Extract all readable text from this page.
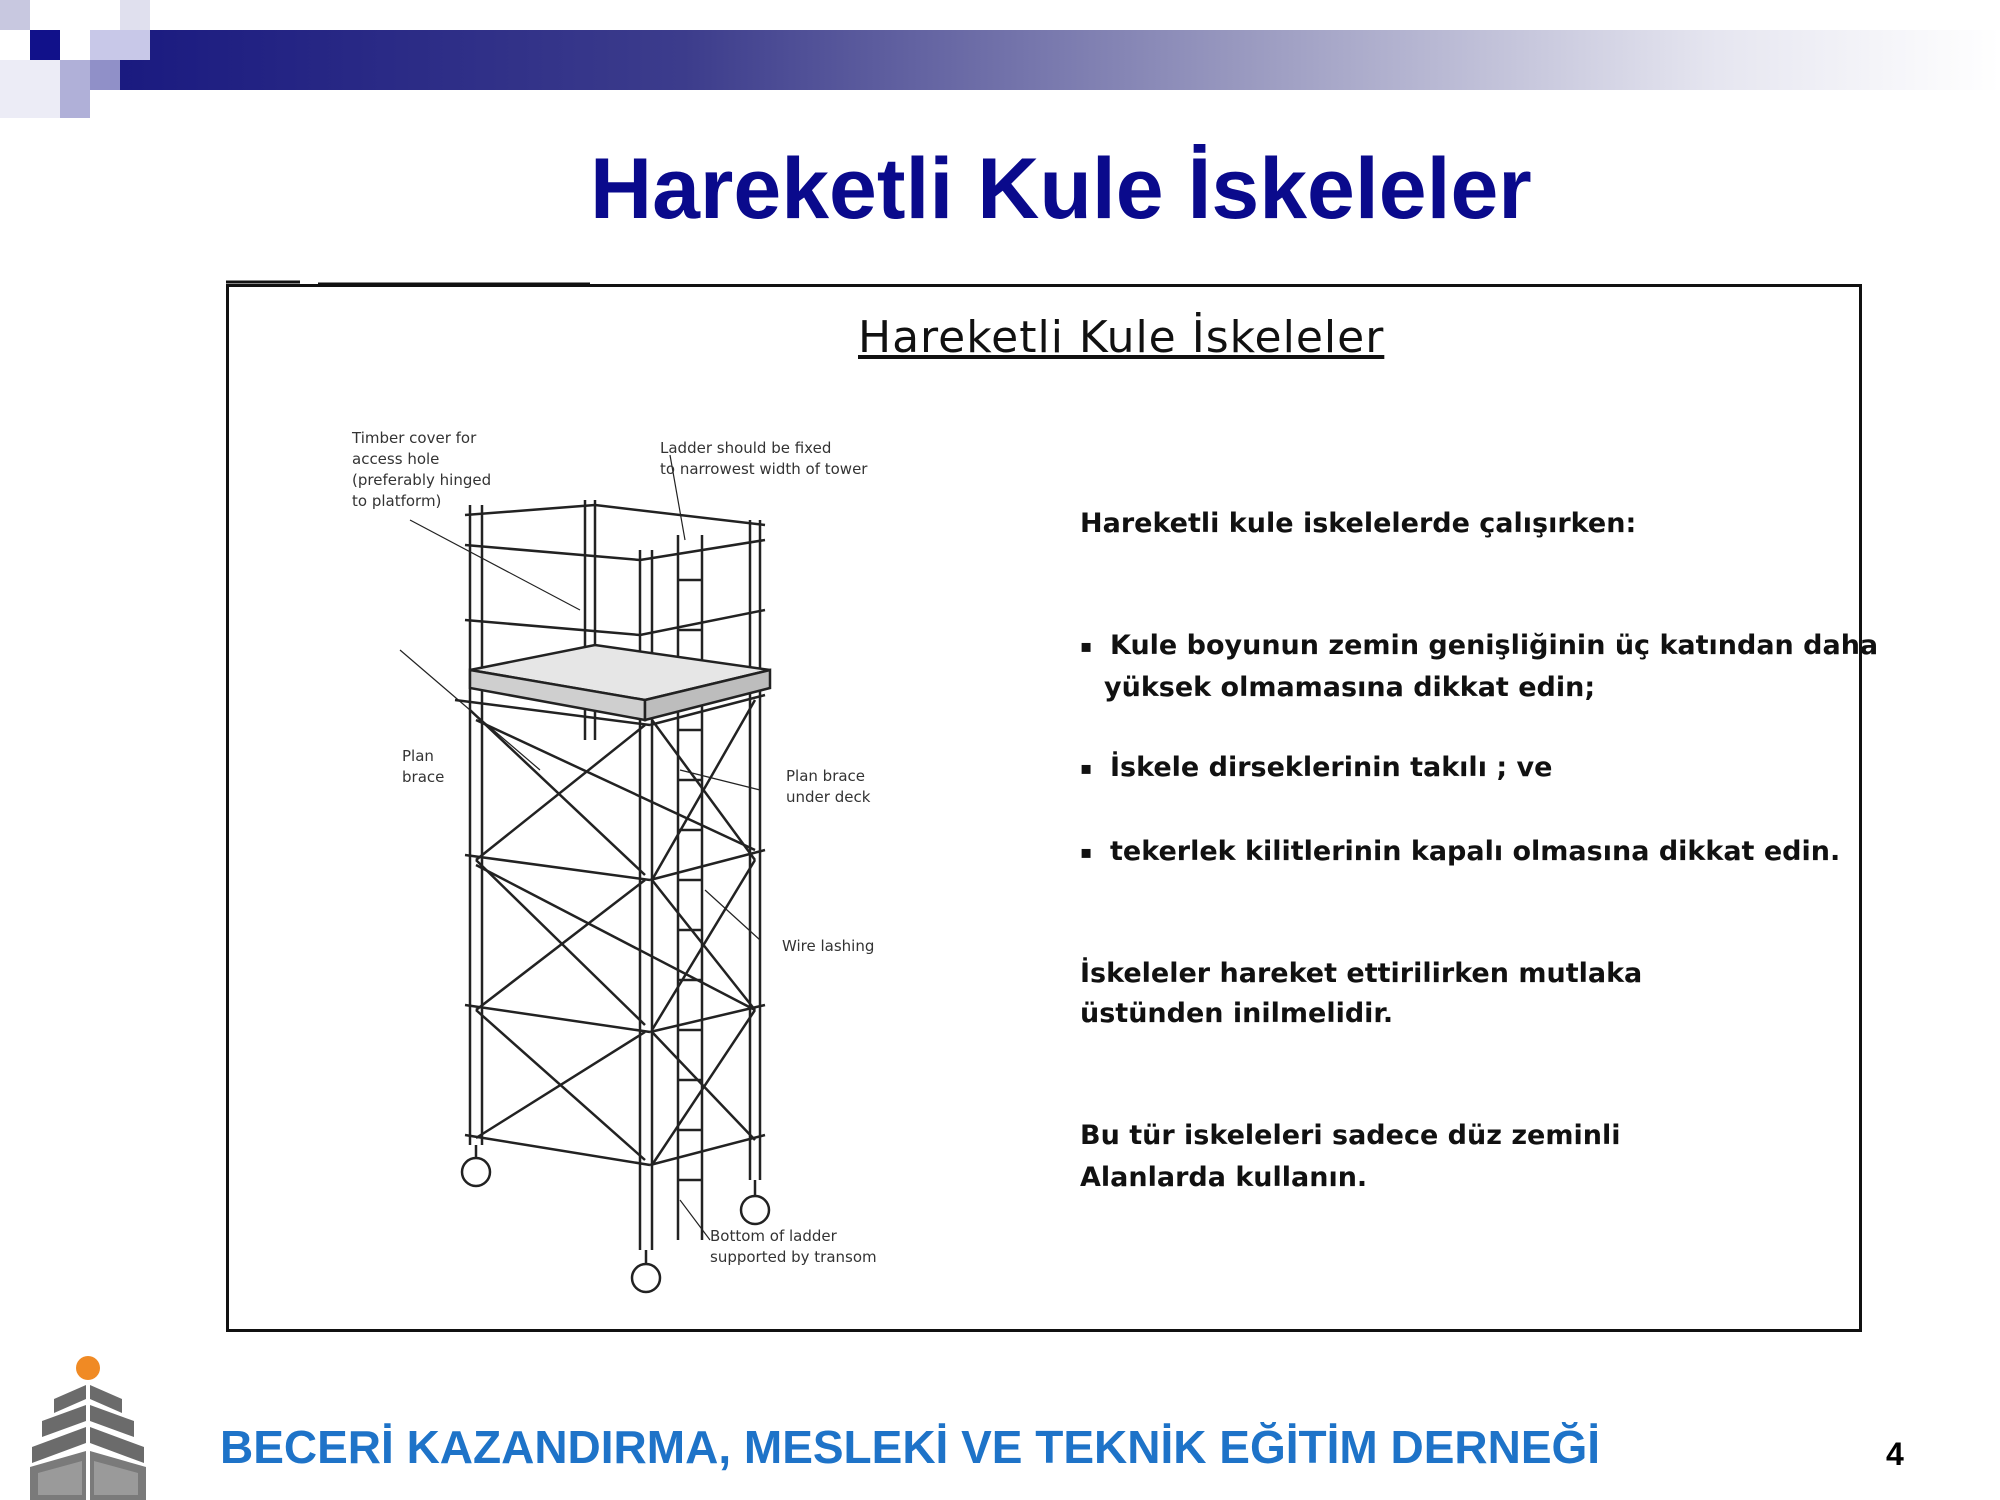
Hareketli Kule İskeleler
Hareketli Kule İskeleler
Timber cover for
access hole
(preferably hinged
to platform)
Ladder should be fixed
to narrowest width of tower
Plan
brace	Plan brace
under deck
Wire lashing
Bottom of ladder
supported by transom
Hareketli kule iskelelerde çalışırken:
▪ Kule boyunun zemin genişliğinin üç katından daha
yüksek olmamasına dikkat edin;
▪ İskele dirseklerinin takılı ; ve
▪ tekerlek kilitlerinin kapalı olmasına dikkat edin.
İskeleler hareket ettirilirken mutlaka
üstünden inilmelidir.
Bu tür iskeleleri sadece düz zeminli
Alanlarda kullanın.
BECERİ KAZANDIRMA, MESLEKİ VE TEKNİK EĞİTİM DERNEĞİ	4
